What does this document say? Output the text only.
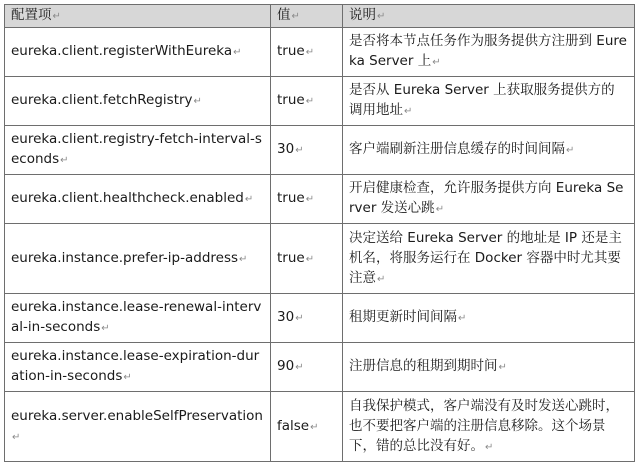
配置项↵	值↵	说明↵
eureka.client.registerWithEureka↵	true↵	是否将本节点任务作为服务提供方注册到 Eureka Server 上↵
eureka.client.fetchRegistry↵	true↵	是否从 Eureka Server 上获取服务提供方的调用地址↵
eureka.client.registry-fetch-interval-seconds↵	30↵	客户端刷新注册信息缓存的时间间隔↵
eureka.client.healthcheck.enabled↵	true↵	开启健康检查，允许服务提供方向 Eureka Server 发送心跳↵
eureka.instance.prefer-ip-address↵	true↵	决定送给 Eureka Server 的地址是 IP 还是主机名，将服务运行在 Docker 容器中时尤其要注意↵
eureka.instance.lease-renewal-interval-in-seconds↵	30↵	租期更新时间间隔↵
eureka.instance.lease-expiration-duration-in-seconds↵	90↵	注册信息的租期到期时间↵
eureka.server.enableSelfPreservation↵	false↵	自我保护模式，客户端没有及时发送心跳时，也不要把客户端的注册信息移除。这个场景下，错的总比没有好。↵
